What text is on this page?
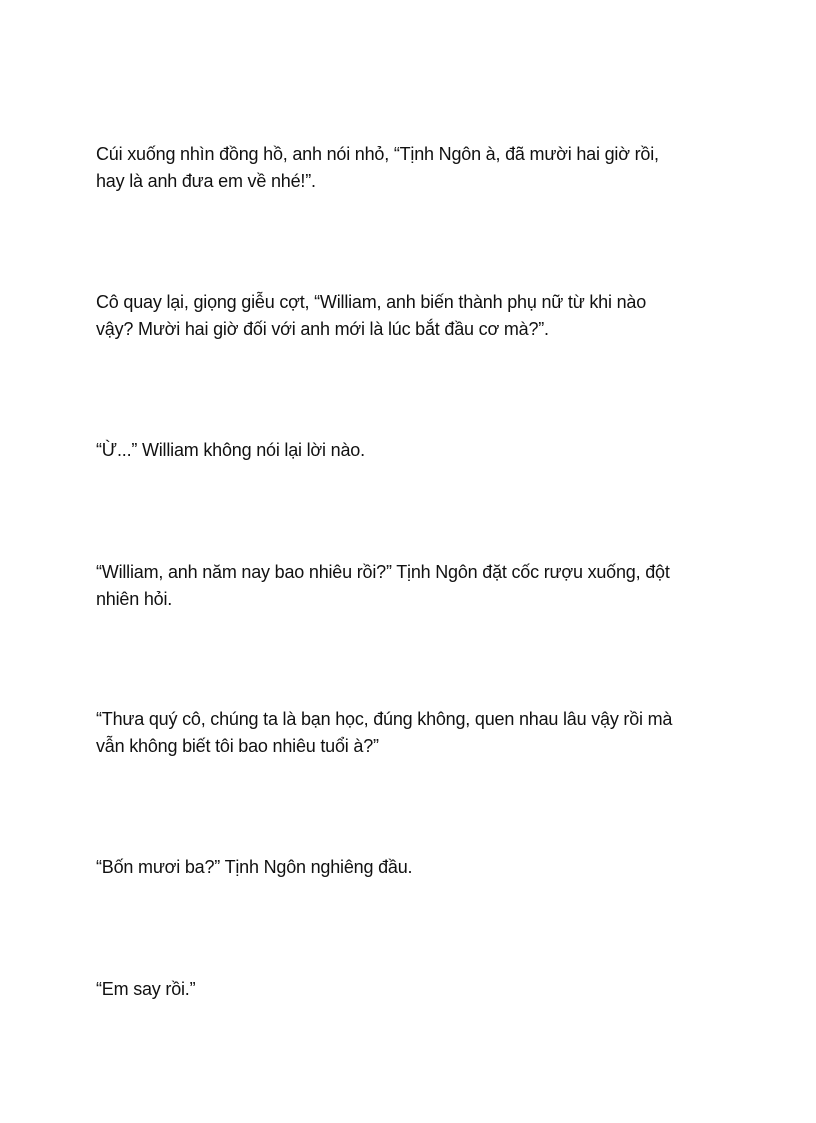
Cúi xuống nhìn đồng hồ, anh nói nhỏ, “Tịnh Ngôn à, đã mười hai giờ rồi,
hay là anh đưa em về nhé!”.

Cô quay lại, giọng giễu cợt, “William, anh biến thành phụ nữ từ khi nào
vậy? Mười hai giờ đối với anh mới là lúc bắt đầu cơ mà?”.

“Ừ...” William không nói lại lời nào.

“William, anh năm nay bao nhiêu rồi?” Tịnh Ngôn đặt cốc rượu xuống, đột
nhiên hỏi.

“Thưa quý cô, chúng ta là bạn học, đúng không, quen nhau lâu vậy rồi mà
vẫn không biết tôi bao nhiêu tuổi à?”

“Bốn mươi ba?” Tịnh Ngôn nghiêng đầu.

“Em say rồi.”
